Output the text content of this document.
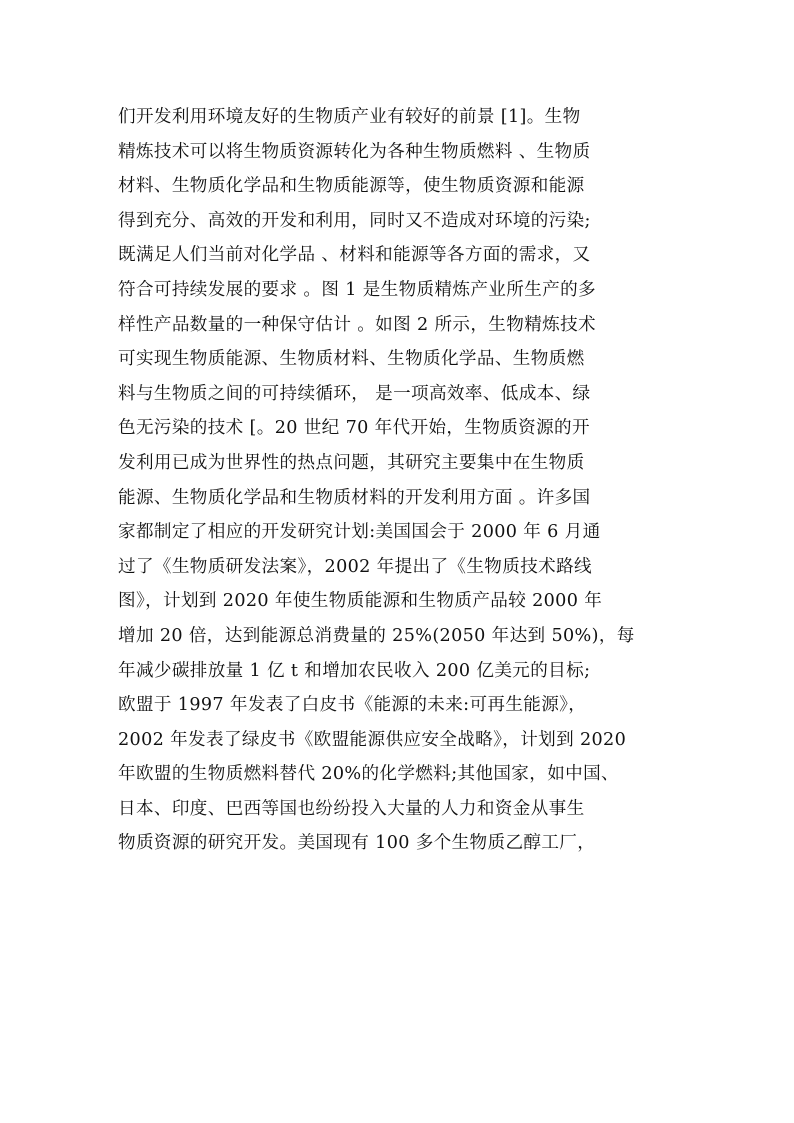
们开发利用环境友好的生物质产业有较好的前景 [1]。生物
精炼技术可以将生物质资源转化为各种生物质燃料 、生物质
材料、生物质化学品和生物质能源等，使生物质资源和能源
得到充分、高效的开发和利用，同时又不造成对环境的污染;
既满足人们当前对化学品 、材料和能源等各方面的需求，又
符合可持续发展的要求 。图 1 是生物质精炼产业所生产的多
样性产品数量的一种保守估计 。如图 2 所示，生物精炼技术
可实现生物质能源、生物质材料、生物质化学品、生物质燃
料与生物质之间的可持续循环， 是一项高效率、低成本、绿
色无污染的技术 [。20 世纪 70 年代开始，生物质资源的开
发利用已成为世界性的热点问题，其研究主要集中在生物质
能源、生物质化学品和生物质材料的开发利用方面 。许多国
家都制定了相应的开发研究计划:美国国会于 2000 年 6 月通
过了《生物质研发法案》，2002 年提出了《生物质技术路线
图》，计划到 2020 年使生物质能源和生物质产品较 2000 年
增加 20 倍，达到能源总消费量的 25%(2050 年达到 50%)，每
年减少碳排放量 1 亿 t 和增加农民收入 200 亿美元的目标;
欧盟于 1997 年发表了白皮书《能源的未来:可再生能源》，
2002 年发表了绿皮书《欧盟能源供应安全战略》，计划到 2020
年欧盟的生物质燃料替代 20%的化学燃料;其他国家，如中国、
日本、印度、巴西等国也纷纷投入大量的人力和资金从事生
物质资源的研究开发。美国现有 100 多个生物质乙醇工厂，
